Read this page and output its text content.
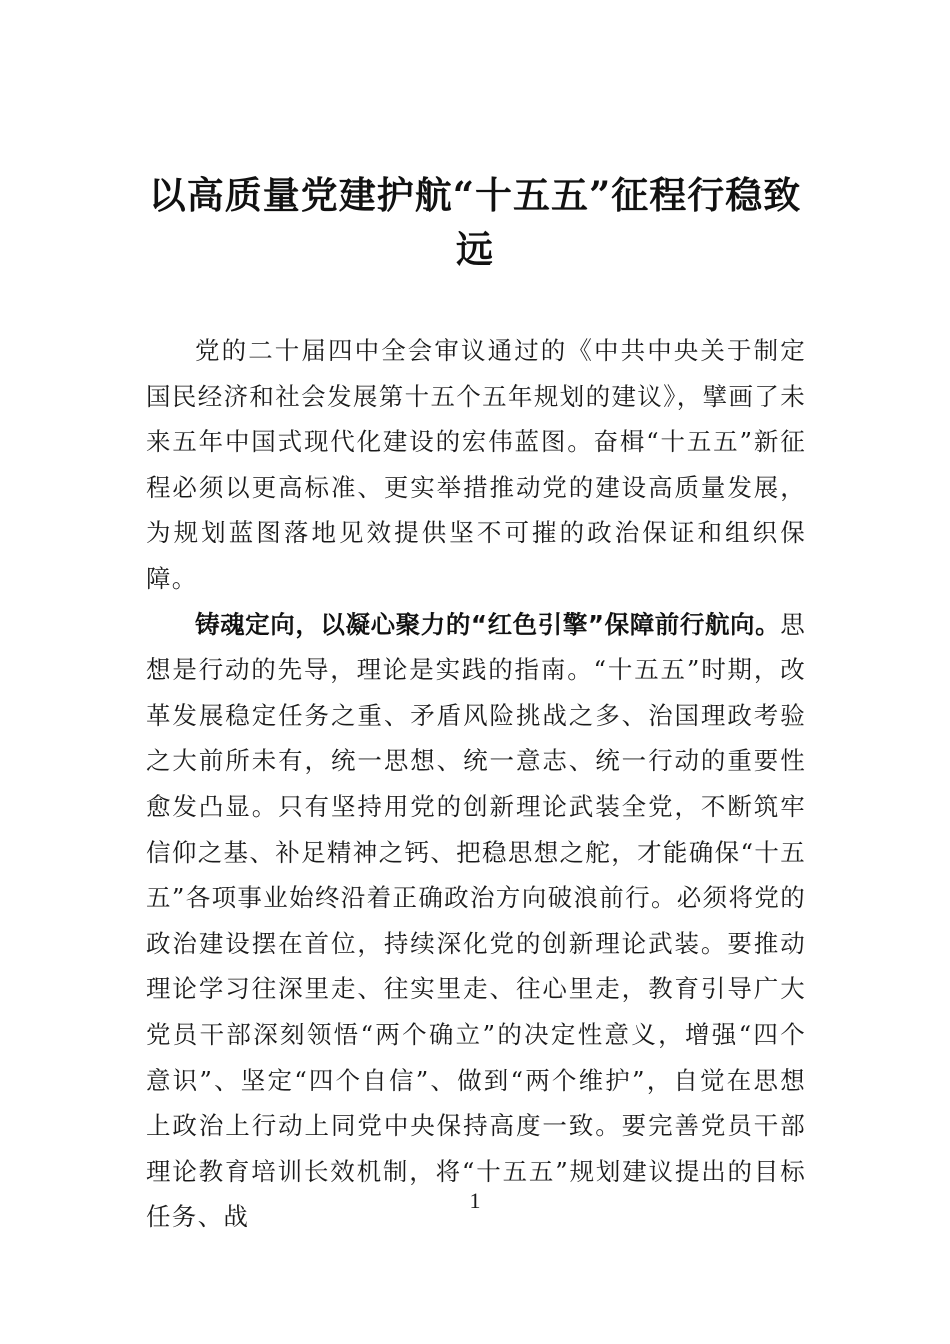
以高质量党建护航“十五五”征程行稳致远

党的二十届四中全会审议通过的《中共中央关于制定国民经济和社会发展第十五个五年规划的建议》，擘画了未来五年中国式现代化建设的宏伟蓝图。奋楫“十五五”新征程必须以更高标准、更实举措推动党的建设高质量发展，为规划蓝图落地见效提供坚不可摧的政治保证和组织保障。

铸魂定向，以凝心聚力的“红色引擎”保障前行航向。思想是行动的先导，理论是实践的指南。“十五五”时期，改革发展稳定任务之重、矛盾风险挑战之多、治国理政考验之大前所未有，统一思想、统一意志、统一行动的重要性愈发凸显。只有坚持用党的创新理论武装全党，不断筑牢信仰之基、补足精神之钙、把稳思想之舵，才能确保“十五五”各项事业始终沿着正确政治方向破浪前行。必须将党的政治建设摆在首位，持续深化党的创新理论武装。要推动理论学习往深里走、往实里走、往心里走，教育引导广大党员干部深刻领悟“两个确立”的决定性意义，增强“四个意识”、坚定“四个自信”、做到“两个维护”，自觉在思想上政治上行动上同党中央保持高度一致。要完善党员干部理论教育培训长效机制，将“十五五”规划建议提出的目标任务、战

1
